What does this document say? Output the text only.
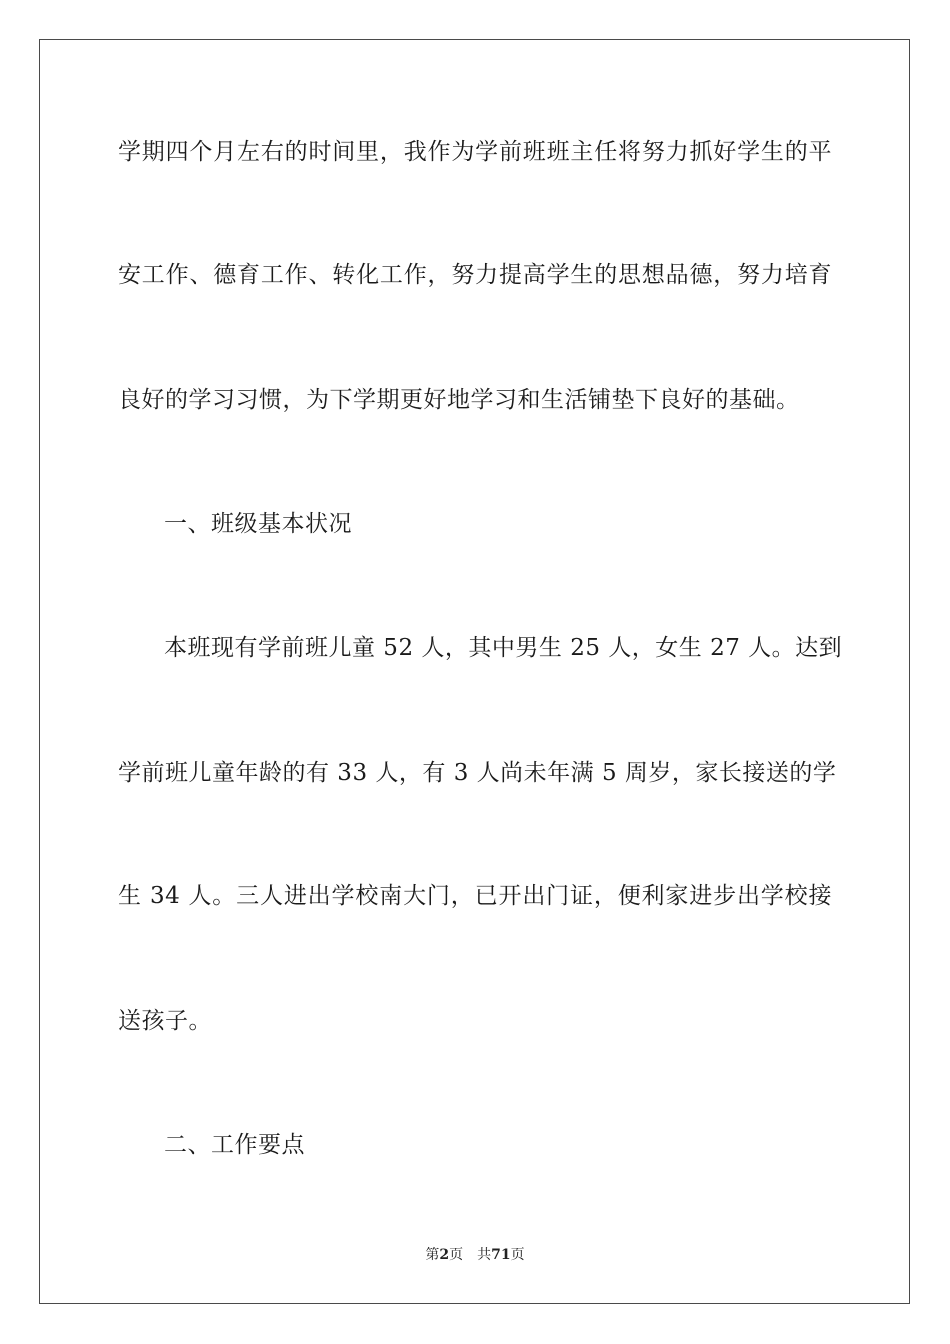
学期四个月左右的时间里，我作为学前班班主任将努力抓好学生的平
安工作、德育工作、转化工作，努力提高学生的思想品德，努力培育
良好的学习习惯，为下学期更好地学习和生活铺垫下良好的基础。
一、班级基本状况
本班现有学前班儿童 52 人，其中男生 25 人，女生 27 人。达到
学前班儿童年龄的有 33 人，有 3 人尚未年满 5 周岁，家长接送的学
生 34 人。三人进出学校南大门，已开出门证，便利家进步出学校接
送孩子。
二、工作要点
第2页 共71页
